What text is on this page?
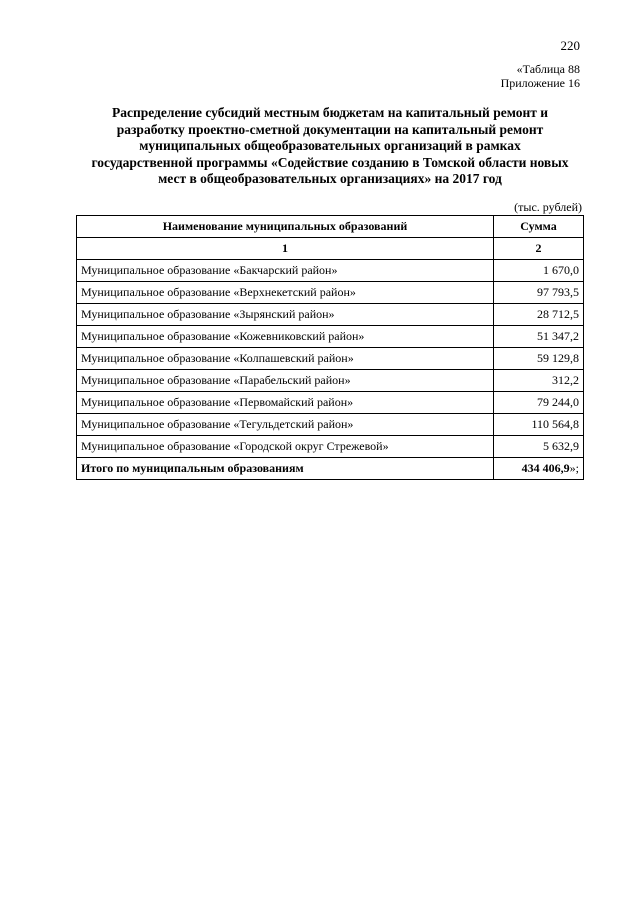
220
«Таблица 88
Приложение 16
Распределение субсидий местным бюджетам на капитальный ремонт и
разработку проектно-сметной документации на капитальный ремонт
муниципальных общеобразовательных организаций в рамках
государственной программы «Содействие созданию в Томской области новых
мест в общеобразовательных организациях» на 2017 год
(тыс. рублей)
Наименование муниципальных образований	Сумма
1	2
Муниципальное образование «Бакчарский район»	1 670,0
Муниципальное образование «Верхнекетский район»	97 793,5
Муниципальное образование «Зырянский район»	28 712,5
Муниципальное образование «Кожевниковский район»	51 347,2
Муниципальное образование «Колпашевский район»	59 129,8
Муниципальное образование «Парабельский район»	312,2
Муниципальное образование «Первомайский район»	79 244,0
Муниципальное образование «Тегульдетский район»	110 564,8
Муниципальное образование «Городской округ Стрежевой»	5 632,9
Итого по муниципальным образованиям	434 406,9»;
